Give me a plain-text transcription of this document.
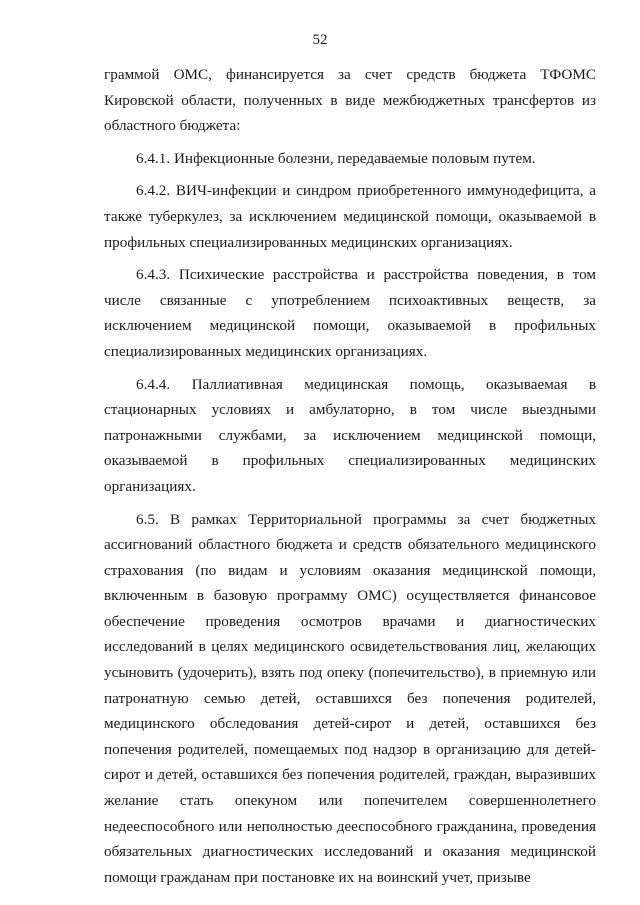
52

граммой ОМС, финансируется за счет средств бюджета ТФОМС Кировской области, полученных в виде межбюджетных трансфертов из областного бюджета:

6.4.1. Инфекционные болезни, передаваемые половым путем.

6.4.2. ВИЧ-инфекции и синдром приобретенного иммунодефицита, а также туберкулез, за исключением медицинской помощи, оказываемой в профильных специализированных медицинских организациях.

6.4.3. Психические расстройства и расстройства поведения, в том числе связанные с употреблением психоактивных веществ, за исключением медицинской помощи, оказываемой в профильных специализированных медицинских организациях.

6.4.4. Паллиативная медицинская помощь, оказываемая в стационарных условиях и амбулаторно, в том числе выездными патронажными службами, за исключением медицинской помощи, оказываемой в профильных специализированных медицинских организациях.

6.5. В рамках Территориальной программы за счет бюджетных ассигнований областного бюджета и средств обязательного медицинского страхования (по видам и условиям оказания медицинской помощи, включенным в базовую программу ОМС) осуществляется финансовое обеспечение проведения осмотров врачами и диагностических исследований в целях медицинского освидетельствования лиц, желающих усыновить (удочерить), взять под опеку (попечительство), в приемную или патронатную семью детей, оставшихся без попечения родителей, медицинского обследования детей-сирот и детей, оставшихся без попечения родителей, помещаемых под надзор в организацию для детей-сирот и детей, оставшихся без попечения родителей, граждан, выразивших желание стать опекуном или попечителем совершеннолетнего недееспособного или неполностью дееспособного гражданина, проведения обязательных диагностических исследований и оказания медицинской помощи гражданам при постановке их на воинский учет, призыве
